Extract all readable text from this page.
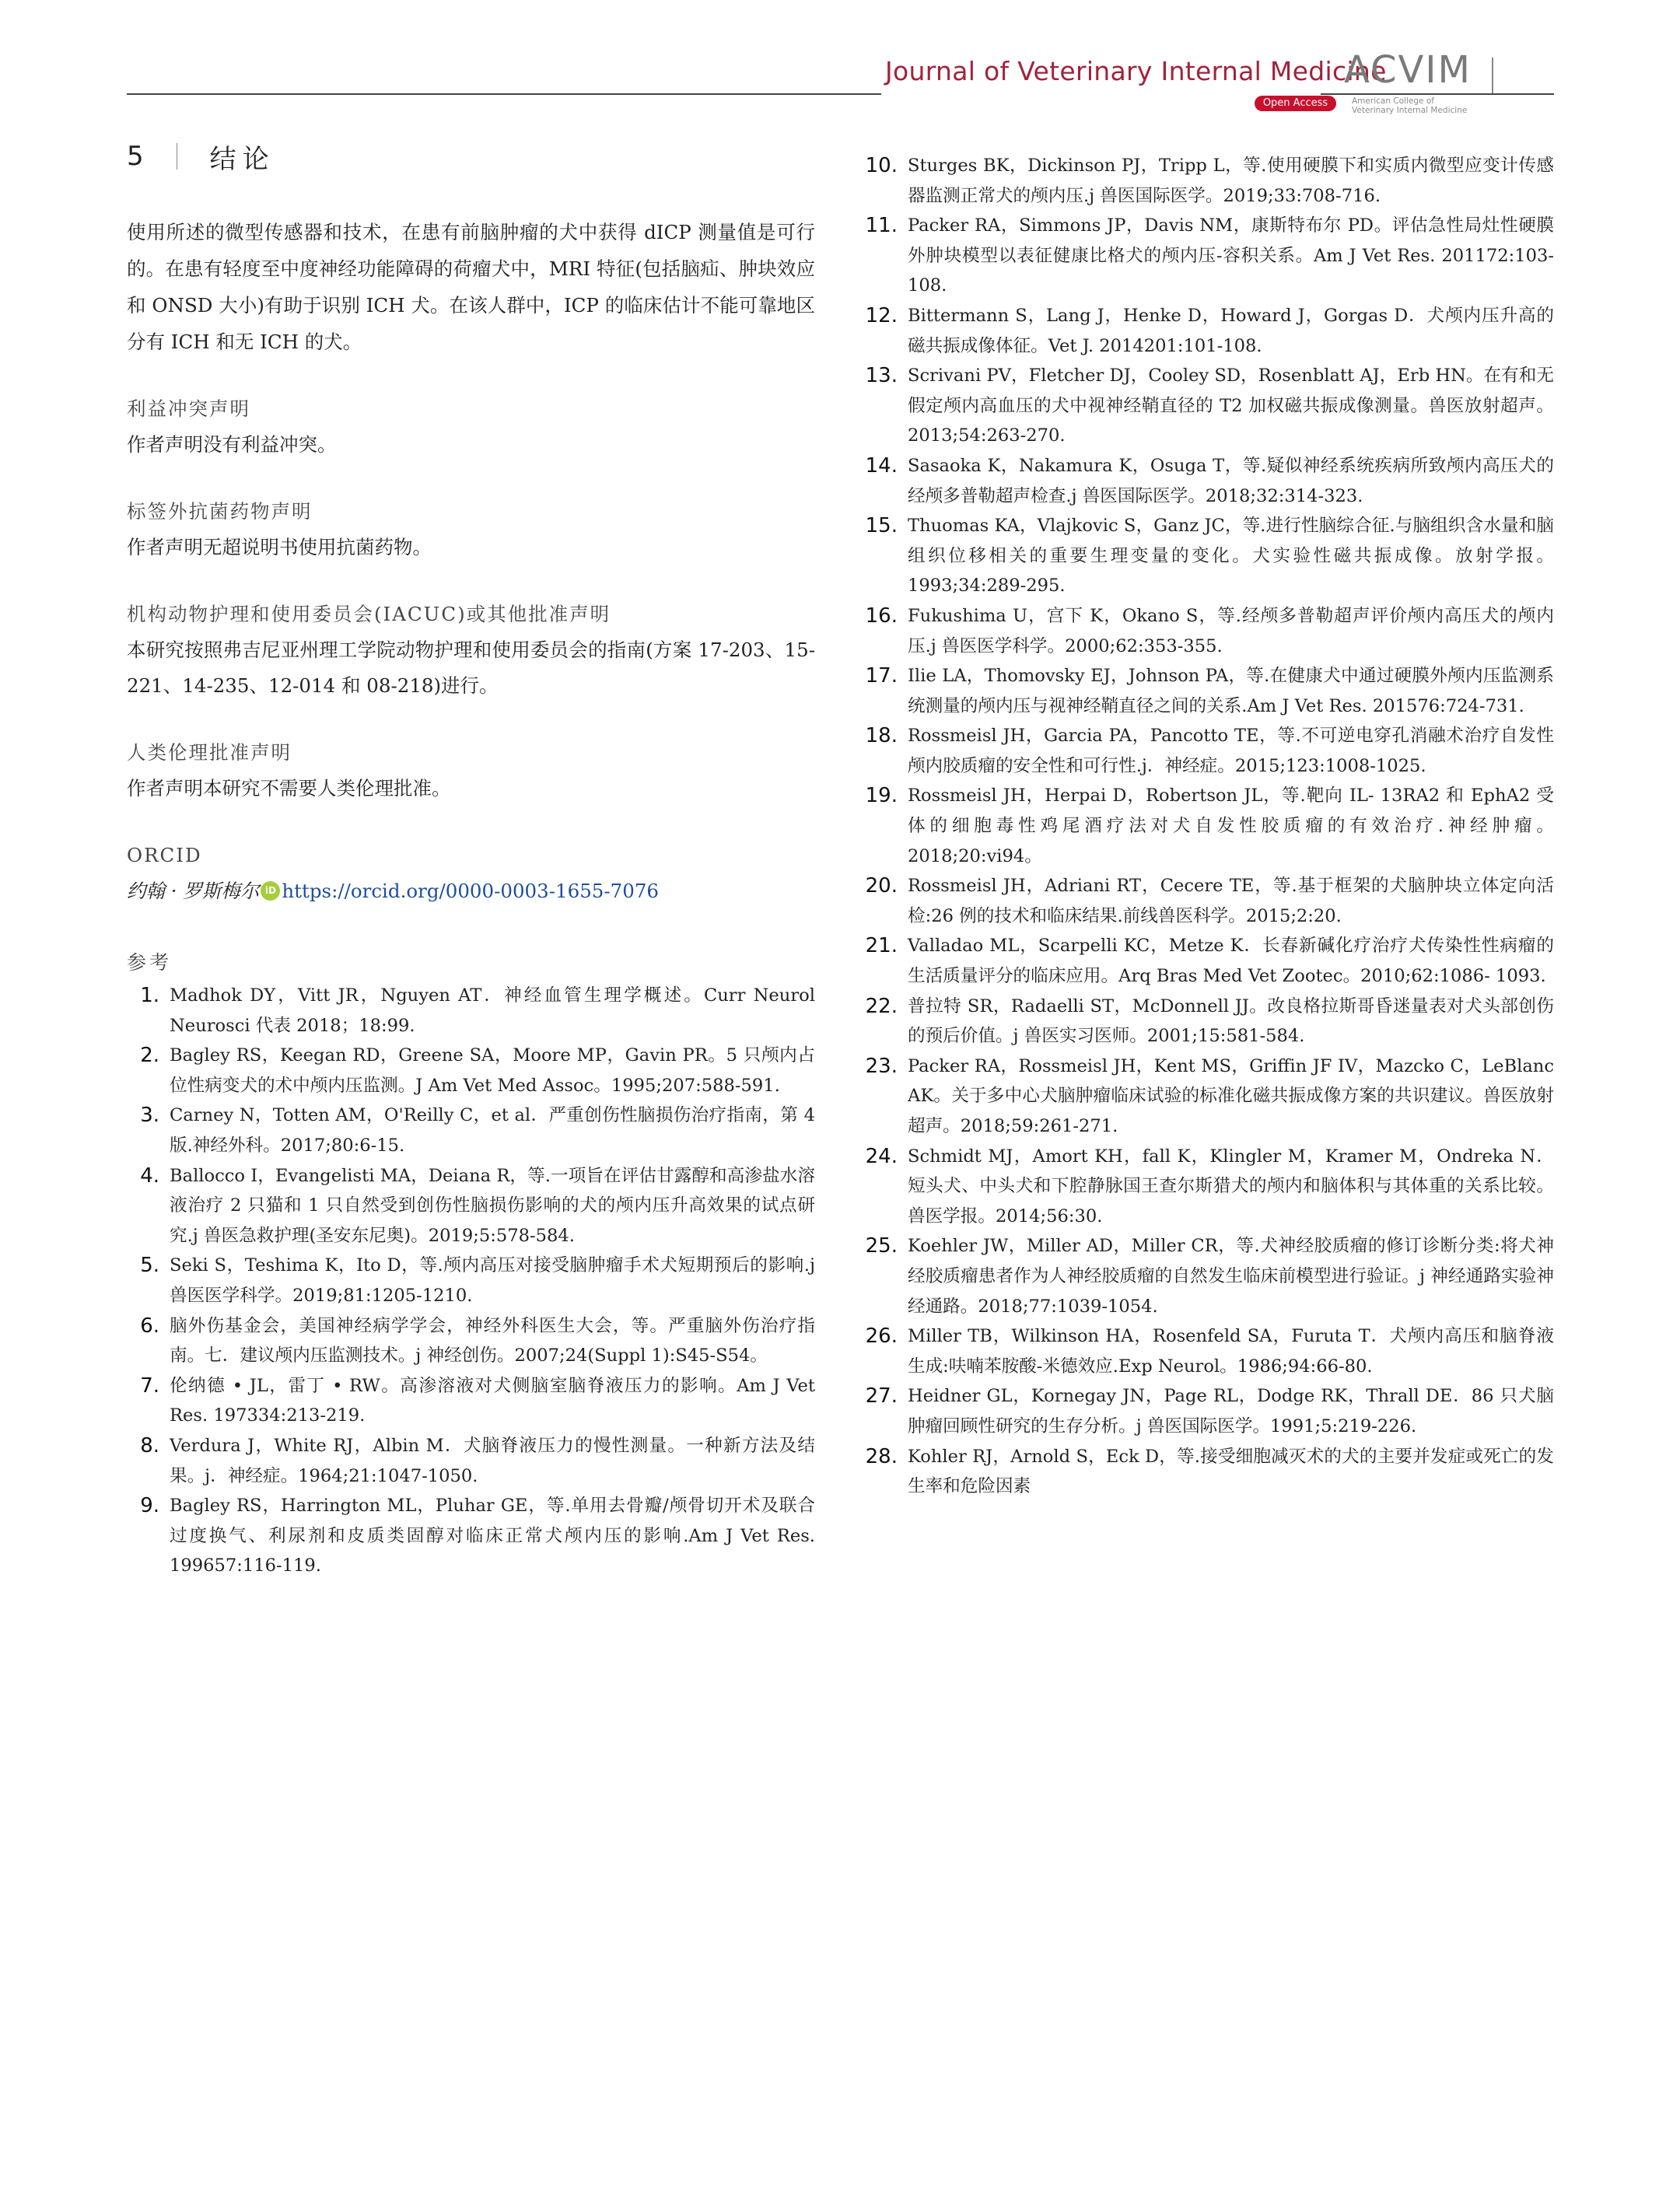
Journal of Veterinary Internal Medicine
Open Access
ACVIM
American College of Veterinary Internal Medicine
5	结论
使用所述的微型传感器和技术，在患有前脑肿瘤的犬中获得 dICP 测量值是可行的。在患有轻度至中度神经功能障碍的荷瘤犬中，MRI 特征(包括脑疝、肿块效应和 ONSD 大小)有助于识别 ICH 犬。在该人群中，ICP 的临床估计不能可靠地区分有 ICH 和无 ICH 的犬。
利益冲突声明
作者声明没有利益冲突。
标签外抗菌药物声明
作者声明无超说明书使用抗菌药物。
机构动物护理和使用委员会(IACUC)或其他批准声明
本研究按照弗吉尼亚州理工学院动物护理和使用委员会的指南(方案 17-203、15-221、14-235、12-014 和 08-218)进行。
人类伦理批准声明
作者声明本研究不需要人类伦理批准。
ORCID
约翰 · 罗斯梅尔 iD https://orcid.org/0000-0003-1655-7076
参考
1. Madhok DY，Vitt JR，Nguyen AT．神经血管生理学概述。Curr Neurol Neurosci 代表 2018；18:99.
2. Bagley RS，Keegan RD，Greene SA，Moore MP，Gavin PR。5 只颅内占位性病变犬的术中颅内压监测。J Am Vet Med Assoc。1995;207:588-591.
3. Carney N，Totten AM，O'Reilly C，et al．严重创伤性脑损伤治疗指南，第 4 版.神经外科。2017;80:6-15.
4. Ballocco I，Evangelisti MA，Deiana R，等.一项旨在评估甘露醇和高渗盐水溶液治疗 2 只猫和 1 只自然受到创伤性脑损伤影响的犬的颅内压升高效果的试点研究.j 兽医急救护理(圣安东尼奥)。2019;5:578-584.
5. Seki S，Teshima K，Ito D，等.颅内高压对接受脑肿瘤手术犬短期预后的影响.j 兽医医学科学。2019;81:1205-1210.
6. 脑外伤基金会，美国神经病学学会，神经外科医生大会，等。严重脑外伤治疗指南。七．建议颅内压监测技术。j 神经创伤。2007;24(Suppl 1):S45-S54。
7. 伦纳德 • JL，雷丁 • RW。高渗溶液对犬侧脑室脑脊液压力的影响。Am J Vet Res. 197334:213-219.
8. Verdura J，White RJ，Albin M．犬脑脊液压力的慢性测量。一种新方法及结果。j．神经症。1964;21:1047-1050.
9. Bagley RS，Harrington ML，Pluhar GE，等.单用去骨瓣/颅骨切开术及联合过度换气、利尿剂和皮质类固醇对临床正常犬颅内压的影响.Am J Vet Res. 199657:116-119.
10. Sturges BK，Dickinson PJ，Tripp L，等.使用硬膜下和实质内微型应变计传感器监测正常犬的颅内压.j 兽医国际医学。2019;33:708-716.
11. Packer RA，Simmons JP，Davis NM，康斯特布尔 PD。评估急性局灶性硬膜外肿块模型以表征健康比格犬的颅内压-容积关系。Am J Vet Res. 201172:103-108.
12. Bittermann S，Lang J，Henke D，Howard J，Gorgas D．犬颅内压升高的磁共振成像体征。Vet J. 2014201:101-108.
13. Scrivani PV，Fletcher DJ，Cooley SD，Rosenblatt AJ，Erb HN。在有和无假定颅内高血压的犬中视神经鞘直径的 T2 加权磁共振成像测量。兽医放射超声。2013;54:263-270.
14. Sasaoka K，Nakamura K，Osuga T，等.疑似神经系统疾病所致颅内高压犬的经颅多普勒超声检查.j 兽医国际医学。2018;32:314-323.
15. Thuomas KA，Vlajkovic S，Ganz JC，等.进行性脑综合征.与脑组织含水量和脑组织位移相关的重要生理变量的变化。犬实验性磁共振成像。放射学报。1993;34:289-295.
16. Fukushima U，宫下 K，Okano S，等.经颅多普勒超声评价颅内高压犬的颅内压.j 兽医医学科学。2000;62:353-355.
17. Ilie LA，Thomovsky EJ，Johnson PA，等.在健康犬中通过硬膜外颅内压监测系统测量的颅内压与视神经鞘直径之间的关系.Am J Vet Res. 201576:724-731.
18. Rossmeisl JH，Garcia PA，Pancotto TE，等.不可逆电穿孔消融术治疗自发性颅内胶质瘤的安全性和可行性.j．神经症。2015;123:1008-1025.
19. Rossmeisl JH，Herpai D，Robertson JL，等.靶向 IL- 13RA2 和 EphA2 受体的细胞毒性鸡尾酒疗法对犬自发性胶质瘤的有效治疗.神经肿瘤。2018;20:vi94。
20. Rossmeisl JH，Adriani RT，Cecere TE，等.基于框架的犬脑肿块立体定向活检:26 例的技术和临床结果.前线兽医科学。2015;2:20.
21. Valladao ML，Scarpelli KC，Metze K．长春新碱化疗治疗犬传染性性病瘤的生活质量评分的临床应用。Arq Bras Med Vet Zootec。2010;62:1086- 1093.
22. 普拉特 SR，Radaelli ST，McDonnell JJ。改良格拉斯哥昏迷量表对犬头部创伤的预后价值。j 兽医实习医师。2001;15:581-584.
23. Packer RA，Rossmeisl JH，Kent MS，Griffin JF IV，Mazcko C，LeBlanc AK。关于多中心犬脑肿瘤临床试验的标准化磁共振成像方案的共识建议。兽医放射超声。2018;59:261-271.
24. Schmidt MJ，Amort KH，fall K，Klingler M，Kramer M，Ondreka N．短头犬、中头犬和下腔静脉国王查尔斯猎犬的颅内和脑体积与其体重的关系比较。兽医学报。2014;56:30.
25. Koehler JW，Miller AD，Miller CR，等.犬神经胶质瘤的修订诊断分类:将犬神经胶质瘤患者作为人神经胶质瘤的自然发生临床前模型进行验证。j 神经通路实验神经通路。2018;77:1039-1054.
26. Miller TB，Wilkinson HA，Rosenfeld SA，Furuta T．犬颅内高压和脑脊液生成:呋喃苯胺酸-米德效应.Exp Neurol。1986;94:66-80.
27. Heidner GL，Kornegay JN，Page RL，Dodge RK，Thrall DE．86 只犬脑肿瘤回顾性研究的生存分析。j 兽医国际医学。1991;5:219-226.
28. Kohler RJ，Arnold S，Eck D，等.接受细胞减灭术的犬的主要并发症或死亡的发生率和危险因素
